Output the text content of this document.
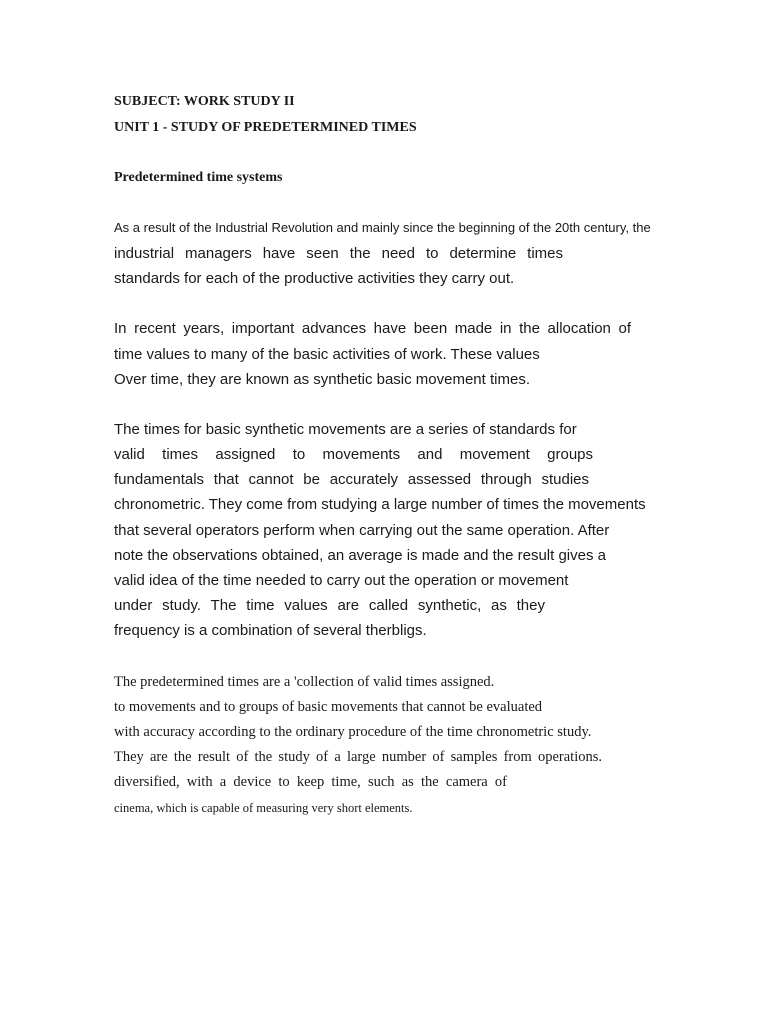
SUBJECT: WORK STUDY II
UNIT 1 - STUDY OF PREDETERMINED TIMES
Predetermined time systems
As a result of the Industrial Revolution and mainly since the beginning of the 20th century, the
industrial managers have seen the need to determine times
standards for each of the productive activities they carry out.
In recent years, important advances have been made in the allocation of
time values to many of the basic activities of work. These values
Over time, they are known as synthetic basic movement times.
The times for basic synthetic movements are a series of standards for
valid times assigned to movements and movement groups
fundamentals that cannot be accurately assessed through studies
chronometric. They come from studying a large number of times the movements
that several operators perform when carrying out the same operation. After
note the observations obtained, an average is made and the result gives a
valid idea of the time needed to carry out the operation or movement
under study. The time values are called synthetic, as they
frequency is a combination of several therbligs.
The predetermined times are a 'collection of valid times assigned.
to movements and to groups of basic movements that cannot be evaluated
with accuracy according to the ordinary procedure of the time chronometric study.
They are the result of the study of a large number of samples from operations.
diversified, with a device to keep time, such as the camera of
cinema, which is capable of measuring very short elements.
